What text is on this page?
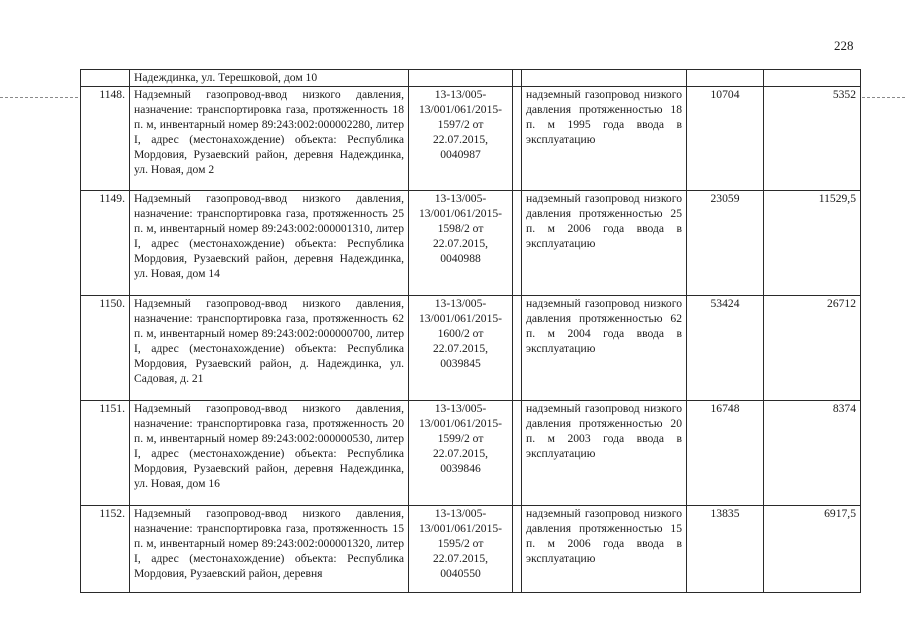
228
	Надеждинка, ул. Терешковой, дом 10					
1148.	Надземный газопровод-ввод низкого давления, назначение: транспортировка газа, протяженность 18 п. м, инвентарный номер 89:243:002:000002280, литер I, адрес (местонахождение) объекта: Республика Мордовия, Рузаевский район, деревня Надеждинка, ул. Новая, дом 2	13-13/005-13/001/061/2015-1597/2 от 22.07.2015, 0040987		надземный газопровод низкого давления протяженностью 18 п. м 1995 года ввода в эксплуатацию	10704	5352
1149.	Надземный газопровод-ввод низкого давления, назначение: транспортировка газа, протяженность 25 п. м, инвентарный номер 89:243:002:000001310, литер I, адрес (местонахождение) объекта: Республика Мордовия, Рузаевский район, деревня Надеждинка, ул. Новая, дом 14	13-13/005-13/001/061/2015-1598/2 от 22.07.2015, 0040988		надземный газопровод низкого давления протяженностью 25 п. м 2006 года ввода в эксплуатацию	23059	11529,5
1150.	Надземный газопровод-ввод низкого давления, назначение: транспортировка газа, протяженность 62 п. м, инвентарный номер 89:243:002:000000700, литер I, адрес (местонахождение) объекта: Республика Мордовия, Рузаевский район, д. Надеждинка, ул. Садовая, д. 21	13-13/005-13/001/061/2015-1600/2 от 22.07.2015, 0039845		надземный газопровод низкого давления протяженностью 62 п. м 2004 года ввода в эксплуатацию	53424	26712
1151.	Надземный газопровод-ввод низкого давления, назначение: транспортировка газа, протяженность 20 п. м, инвентарный номер 89:243:002:000000530, литер I, адрес (местонахождение) объекта: Республика Мордовия, Рузаевский район, деревня Надеждинка, ул. Новая, дом 16	13-13/005-13/001/061/2015-1599/2 от 22.07.2015, 0039846		надземный газопровод низкого давления протяженностью 20 п. м 2003 года ввода в эксплуатацию	16748	8374
1152.	Надземный газопровод-ввод низкого давления, назначение: транспортировка газа, протяженность 15 п. м, инвентарный номер 89:243:002:000001320, литер I, адрес (местонахождение) объекта: Республика Мордовия, Рузаевский район, деревня	13-13/005-13/001/061/2015-1595/2 от 22.07.2015, 0040550		надземный газопровод низкого давления протяженностью 15 п. м 2006 года ввода в эксплуатацию	13835	6917,5
